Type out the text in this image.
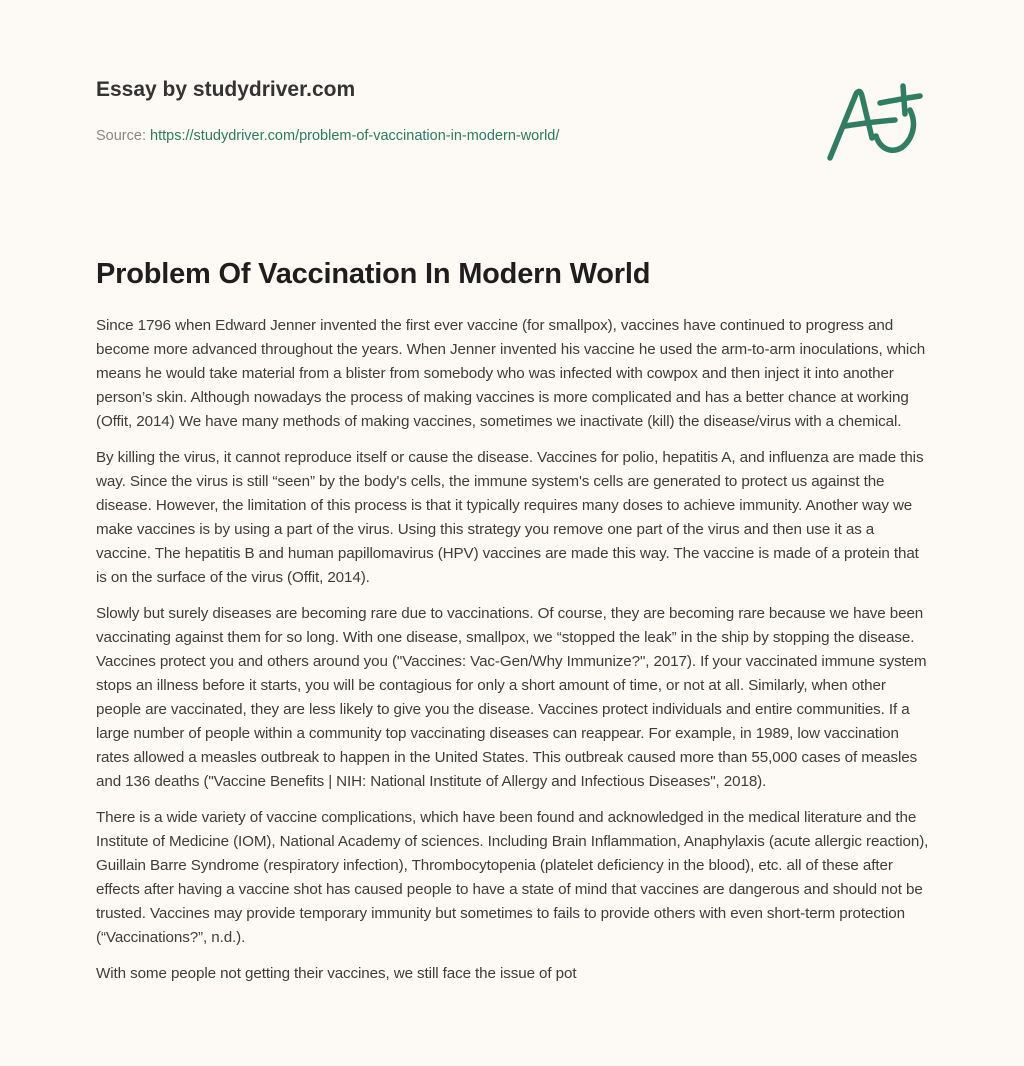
Essay by studydriver.com
Source: https://studydriver.com/problem-of-vaccination-in-modern-world/
Problem Of Vaccination In Modern World

Since 1796 when Edward Jenner invented the first ever vaccine (for smallpox), vaccines have continued to progress and become more advanced throughout the years. When Jenner invented his vaccine he used the arm-to-arm inoculations, which means he would take material from a blister from somebody who was infected with cowpox and then inject it into another person’s skin. Although nowadays the process of making vaccines is more complicated and has a better chance at working (Offit, 2014) We have many methods of making vaccines, sometimes we inactivate (kill) the disease/virus with a chemical.

By killing the virus, it cannot reproduce itself or cause the disease. Vaccines for polio, hepatitis A, and influenza are made this way. Since the virus is still “seen” by the body's cells, the immune system's cells are generated to protect us against the disease. However, the limitation of this process is that it typically requires many doses to achieve immunity. Another way we make vaccines is by using a part of the virus. Using this strategy you remove one part of the virus and then use it as a vaccine. The hepatitis B and human papillomavirus (HPV) vaccines are made this way. The vaccine is made of a protein that is on the surface of the virus (Offit, 2014).

Slowly but surely diseases are becoming rare due to vaccinations. Of course, they are becoming rare because we have been vaccinating against them for so long. With one disease, smallpox, we “stopped the leak” in the ship by stopping the disease. Vaccines protect you and others around you ("Vaccines: Vac-Gen/Why Immunize?", 2017). If your vaccinated immune system stops an illness before it starts, you will be contagious for only a short amount of time, or not at all. Similarly, when other people are vaccinated, they are less likely to give you the disease. Vaccines protect individuals and entire communities. If a large number of people within a community top vaccinating diseases can reappear. For example, in 1989, low vaccination rates allowed a measles outbreak to happen in the United States. This outbreak caused more than 55,000 cases of measles and 136 deaths ("Vaccine Benefits | NIH: National Institute of Allergy and Infectious Diseases", 2018).

There is a wide variety of vaccine complications, which have been found and acknowledged in the medical literature and the Institute of Medicine (IOM), National Academy of sciences. Including Brain Inflammation, Anaphylaxis (acute allergic reaction), Guillain Barre Syndrome (respiratory infection), Thrombocytopenia (platelet deficiency in the blood), etc. all of these after effects after having a vaccine shot has caused people to have a state of mind that vaccines are dangerous and should not be trusted. Vaccines may provide temporary immunity but sometimes to fails to provide others with even short-term protection (“Vaccinations?”, n.d.).

With some people not getting their vaccines, we still face the issue of pot
